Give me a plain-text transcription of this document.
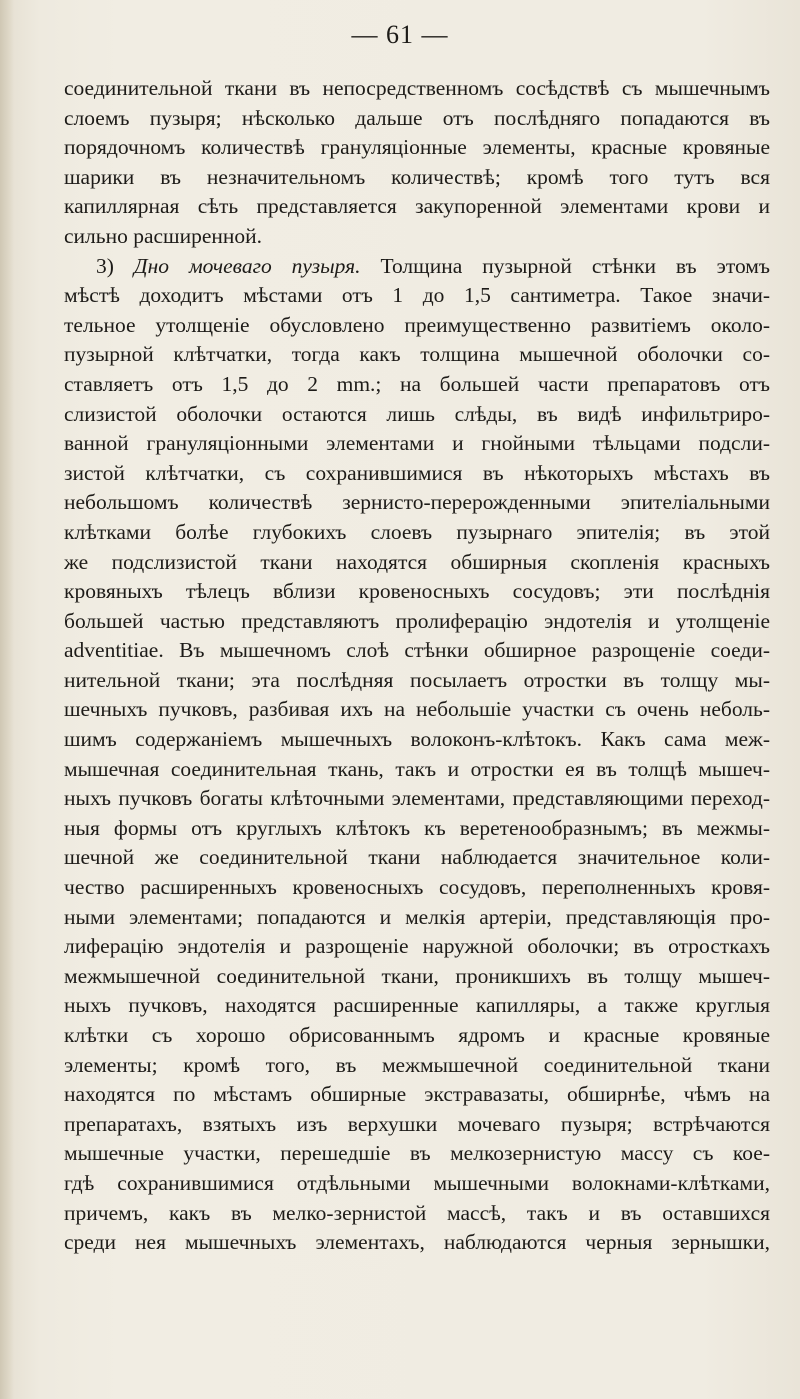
— 61 —
соединительной ткани въ непосредственномъ сосѣдствѣ съ мышечнымъ
слоемъ пузыря; нѣсколько дальше отъ послѣдняго попадаются въ
порядочномъ количествѣ грануляціонные элементы, красные кровяные
шарики въ незначительномъ количествѣ; кромѣ того тутъ вся
капиллярная сѣть представляется закупоренной элементами крови и
сильно расширенной.
3) Дно мочеваго пузыря. Толщина пузырной стѣнки въ этомъ
мѣстѣ доходитъ мѣстами отъ 1 до 1,5 сантиметра. Такое значи-
тельное утолщеніе обусловлено преимущественно развитіемъ около-
пузырной клѣтчатки, тогда какъ толщина мышечной оболочки со-
ставляетъ отъ 1,5 до 2 mm.; на большей части препаратовъ отъ
слизистой оболочки остаются лишь слѣды, въ видѣ инфильтриро-
ванной грануляціонными элементами и гнойными тѣльцами подсли-
зистой клѣтчатки, съ сохранившимися въ нѣкоторыхъ мѣстахъ въ
небольшомъ количествѣ зернисто-перерожденными эпителіальными
клѣтками болѣе глубокихъ слоевъ пузырнаго эпителія; въ этой
же подслизистой ткани находятся обширныя скопленія красныхъ
кровяныхъ тѣлецъ вблизи кровеносныхъ сосудовъ; эти послѣднія
большей частью представляютъ пролиферацію эндотелія и утолщеніе
adventitiae. Въ мышечномъ слоѣ стѣнки обширное разрощеніе соеди-
нительной ткани; эта послѣдняя посылаетъ отростки въ толщу мы-
шечныхъ пучковъ, разбивая ихъ на небольшіе участки съ очень неболь-
шимъ содержаніемъ мышечныхъ волоконъ-клѣтокъ. Какъ сама меж-
мышечная соединительная ткань, такъ и отростки ея въ толщѣ мышеч-
ныхъ пучковъ богаты клѣточными элементами, представляющими переход-
ныя формы отъ круглыхъ клѣтокъ къ веретенообразнымъ; въ межмы-
шечной же соединительной ткани наблюдается значительное коли-
чество расширенныхъ кровеносныхъ сосудовъ, переполненныхъ кровя-
ными элементами; попадаются и мелкія артеріи, представляющія про-
лиферацію эндотелія и разрощеніе наружной оболочки; въ отросткахъ
межмышечной соединительной ткани, проникшихъ въ толщу мышеч-
ныхъ пучковъ, находятся расширенные капилляры, а также круглыя
клѣтки съ хорошо обрисованнымъ ядромъ и красные кровяные
элементы; кромѣ того, въ межмышечной соединительной ткани
находятся по мѣстамъ обширные экстравазаты, обширнѣе, чѣмъ на
препаратахъ, взятыхъ изъ верхушки мочеваго пузыря; встрѣчаются
мышечные участки, перешедшіе въ мелкозернистую массу съ кое-
гдѣ сохранившимися отдѣльными мышечными волокнами-клѣтками,
причемъ, какъ въ мелко-зернистой массѣ, такъ и въ оставшихся
среди нея мышечныхъ элементахъ, наблюдаются черныя зернышки,
